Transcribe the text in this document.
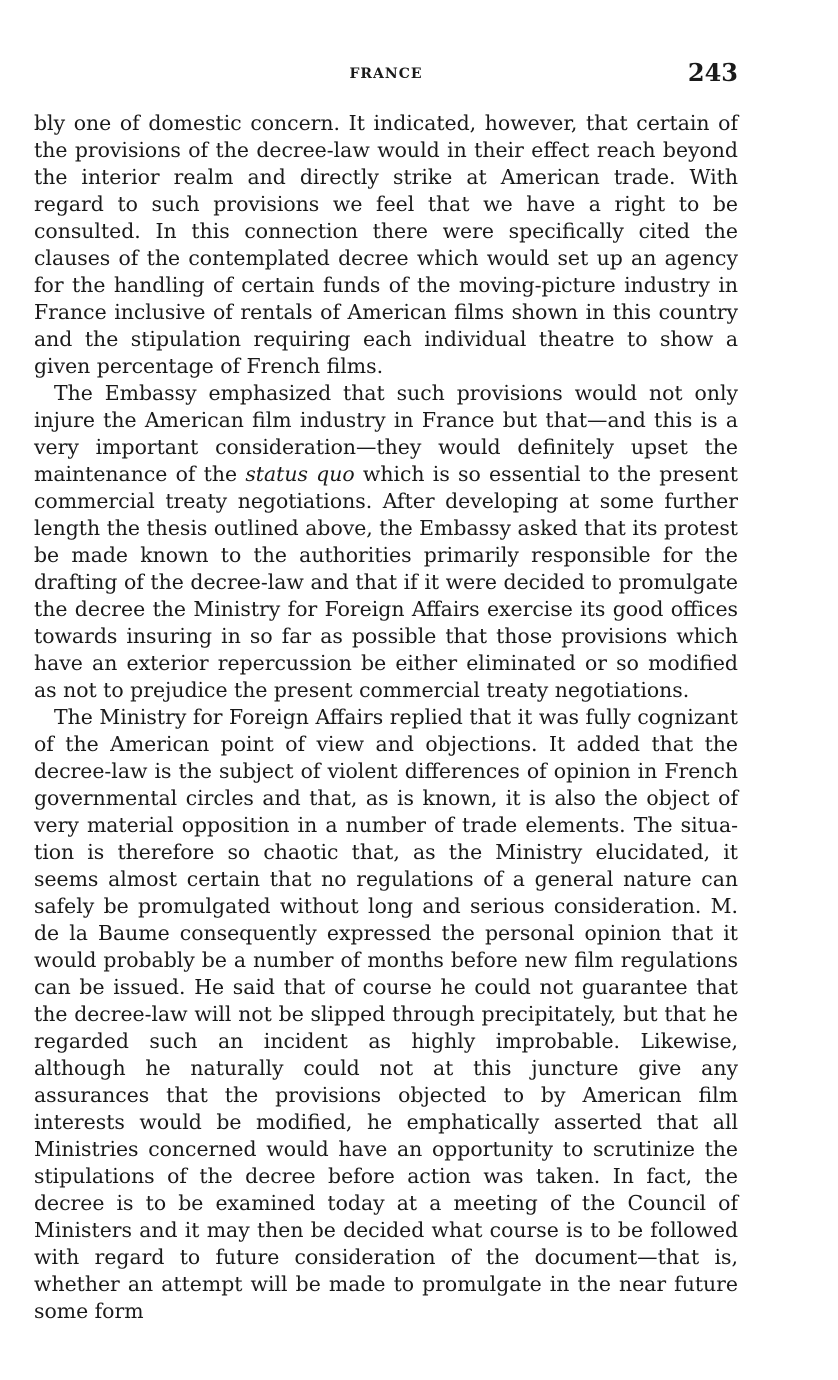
FRANCE	243

bly one of domestic concern. It indicated, however, that certain of the provisions of the decree-law would in their effect reach beyond the interior realm and directly strike at American trade. With regard to such provisions we feel that we have a right to be consulted. In this connection there were specifically cited the clauses of the contemplated decree which would set up an agency for the handling of certain funds of the moving-picture industry in France inclusive of rentals of American films shown in this country and the stipulation requiring each individual theatre to show a given percentage of French films.

The Embassy emphasized that such provisions would not only injure the American film industry in France but that—and this is a very important consideration—they would definitely upset the maintenance of the status quo which is so essential to the present commercial treaty negotiations. After developing at some further length the thesis outlined above, the Embassy asked that its protest be made known to the authorities primarily responsible for the drafting of the decree-law and that if it were decided to promulgate the decree the Ministry for Foreign Affairs exercise its good offices towards insuring in so far as possible that those provisions which have an exterior repercussion be either eliminated or so modified as not to prejudice the present commercial treaty negotiations.

The Ministry for Foreign Affairs replied that it was fully cognizant of the American point of view and objections. It added that the decree-law is the subject of violent differences of opinion in French governmental circles and that, as is known, it is also the object of very material opposition in a number of trade elements. The situation is therefore so chaotic that, as the Ministry elucidated, it seems almost certain that no regulations of a general nature can safely be promulgated without long and serious consideration. M. de la Baume consequently expressed the personal opinion that it would probably be a number of months before new film regulations can be issued. He said that of course he could not guarantee that the decree-law will not be slipped through precipitately, but that he regarded such an incident as highly improbable. Likewise, although he naturally could not at this juncture give any assurances that the provisions objected to by American film interests would be modified, he emphatically asserted that all Ministries concerned would have an opportunity to scrutinize the stipulations of the decree before action was taken. In fact, the decree is to be examined today at a meeting of the Council of Ministers and it may then be decided what course is to be followed with regard to future consideration of the document—that is, whether an attempt will be made to promulgate in the near future some form
